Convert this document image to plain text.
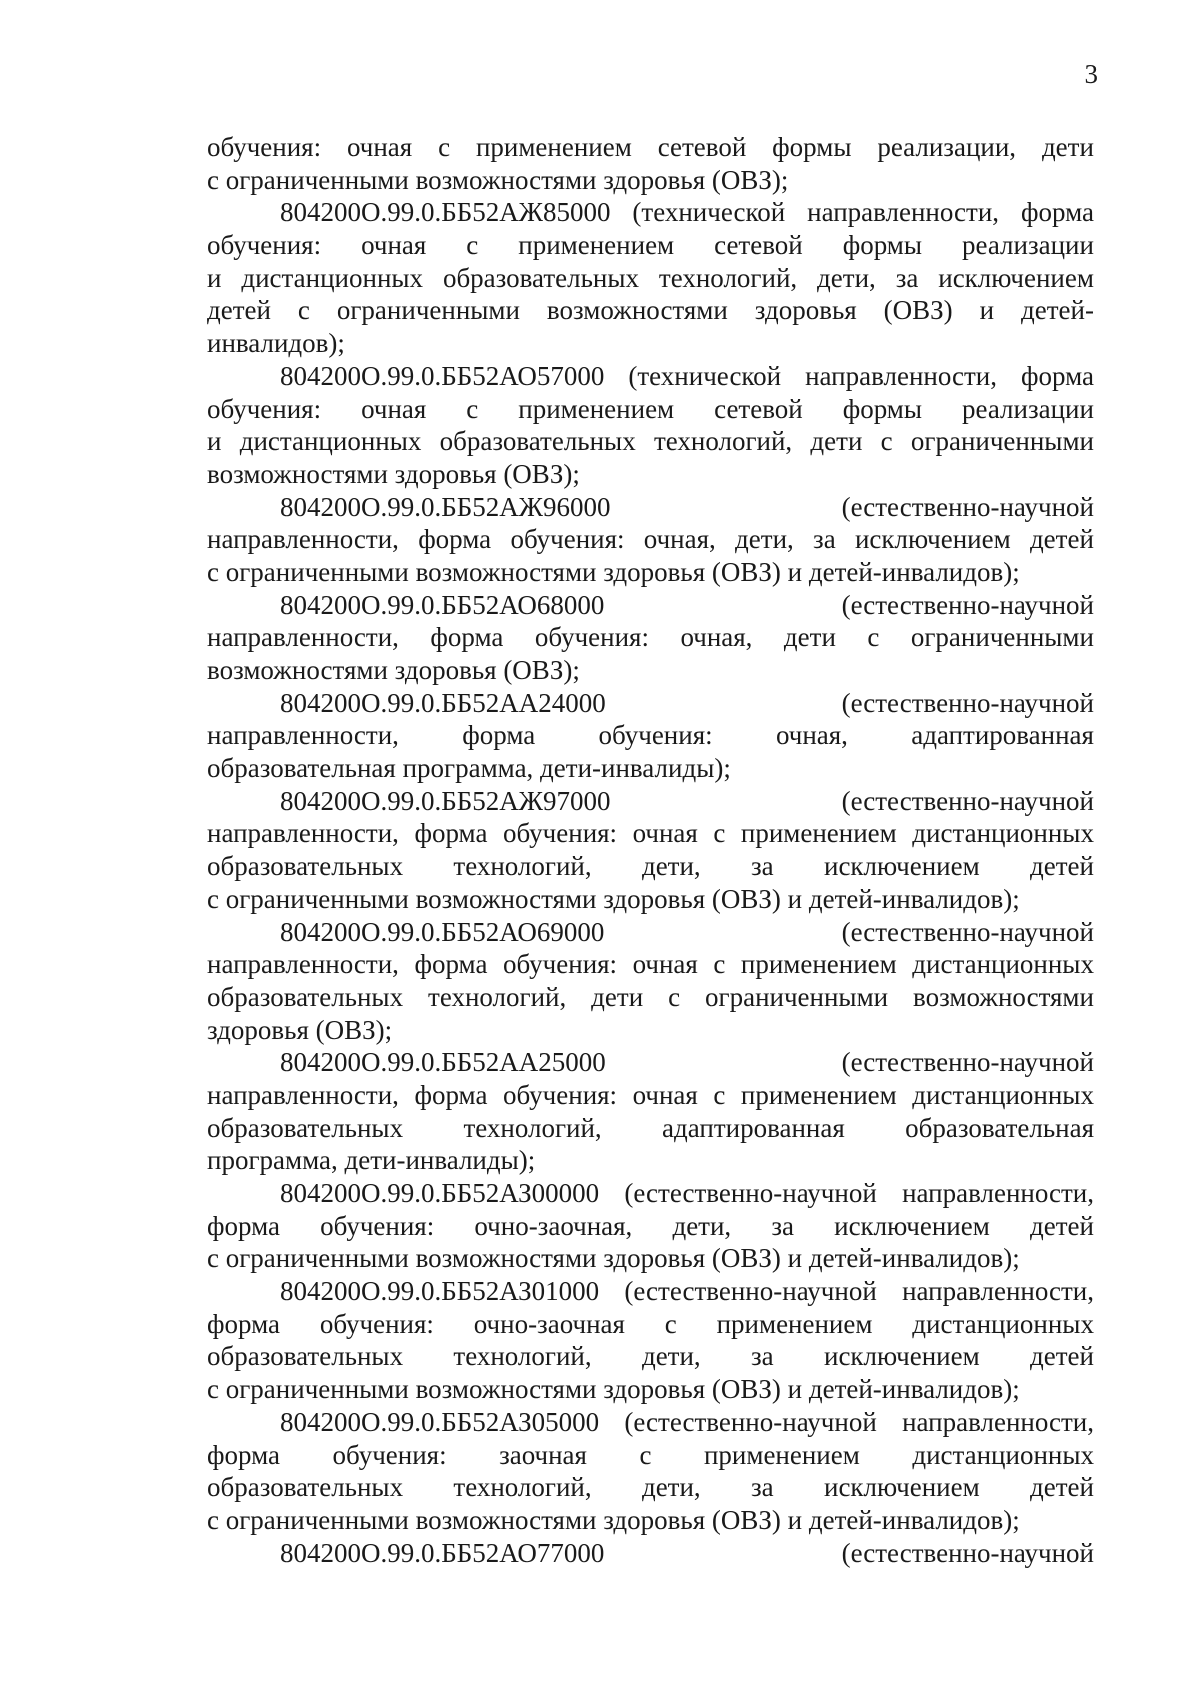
3
обучения: очная с применением сетевой формы реализации, дети
с ограниченными возможностями здоровья (ОВЗ);
804200О.99.0.ББ52АЖ85000 (технической направленности, форма
обучения: очная с применением сетевой формы реализации
и дистанционных образовательных технологий, дети, за исключением
детей с ограниченными возможностями здоровья (ОВЗ) и детей-
инвалидов);
804200О.99.0.ББ52АО57000 (технической направленности, форма
обучения: очная с применением сетевой формы реализации
и дистанционных образовательных технологий, дети с ограниченными
возможностями здоровья (ОВЗ);
804200О.99.0.ББ52АЖ96000	(естественно-научной
направленности, форма обучения: очная, дети, за исключением детей
с ограниченными возможностями здоровья (ОВЗ) и детей-инвалидов);
804200О.99.0.ББ52АО68000	(естественно-научной
направленности, форма обучения: очная, дети с ограниченными
возможностями здоровья (ОВЗ);
804200О.99.0.ББ52АА24000	(естественно-научной
направленности, форма обучения: очная, адаптированная
образовательная программа, дети-инвалиды);
804200О.99.0.ББ52АЖ97000	(естественно-научной
направленности, форма обучения: очная с применением дистанционных
образовательных технологий, дети, за исключением детей
с ограниченными возможностями здоровья (ОВЗ) и детей-инвалидов);
804200О.99.0.ББ52АО69000	(естественно-научной
направленности, форма обучения: очная с применением дистанционных
образовательных технологий, дети с ограниченными возможностями
здоровья (ОВЗ);
804200О.99.0.ББ52АА25000	(естественно-научной
направленности, форма обучения: очная с применением дистанционных
образовательных технологий, адаптированная образовательная
программа, дети-инвалиды);
804200О.99.0.ББ52АЗ00000 (естественно-научной направленности,
форма обучения: очно-заочная, дети, за исключением детей
с ограниченными возможностями здоровья (ОВЗ) и детей-инвалидов);
804200О.99.0.ББ52АЗ01000 (естественно-научной направленности,
форма обучения: очно-заочная с применением дистанционных
образовательных технологий, дети, за исключением детей
с ограниченными возможностями здоровья (ОВЗ) и детей-инвалидов);
804200О.99.0.ББ52АЗ05000 (естественно-научной направленности,
форма обучения: заочная с применением дистанционных
образовательных технологий, дети, за исключением детей
с ограниченными возможностями здоровья (ОВЗ) и детей-инвалидов);
804200О.99.0.ББ52АО77000	(естественно-научной
